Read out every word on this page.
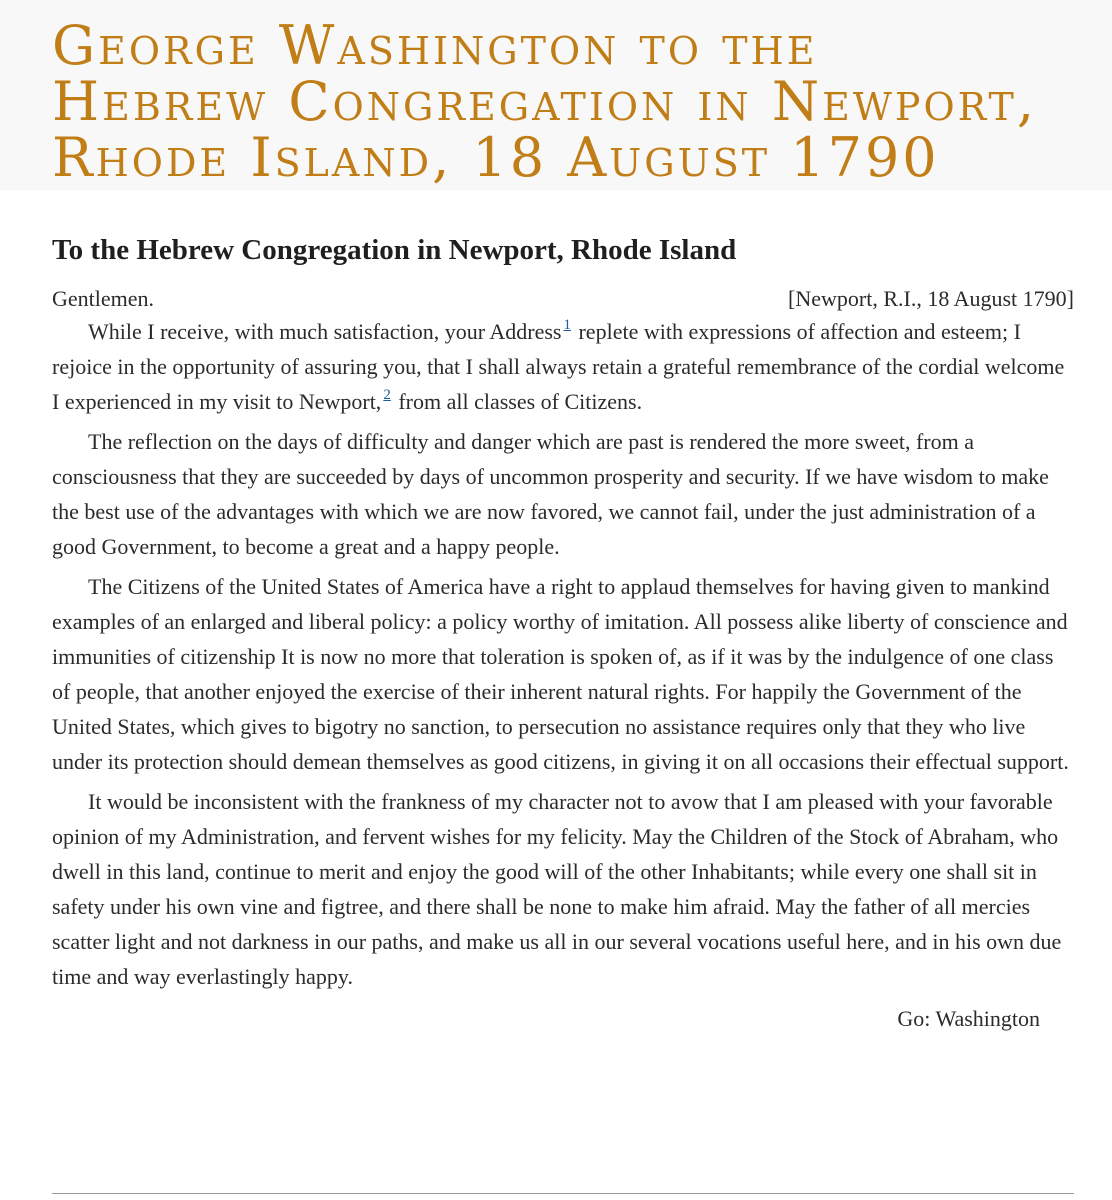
George Washington to the
Hebrew Congregation in Newport,
Rhode Island, 18 August 1790
To the Hebrew Congregation in Newport, Rhode Island
Gentlemen.	[Newport, R.I., 18 August 1790]

While I receive, with much satisfaction, your Address $^1$ replete with expressions of affection and esteem; I rejoice in the opportunity of assuring you, that I shall always retain a grateful remembrance of the cordial welcome I experienced in my visit to Newport, $^2$ from all classes of Citizens.

The reflection on the days of difficulty and danger which are past is rendered the more sweet, from a consciousness that they are succeeded by days of uncommon prosperity and security. If we have wisdom to make the best use of the advantages with which we are now favored, we cannot fail, under the just administration of a good Government, to become a great and a happy people.

The Citizens of the United States of America have a right to applaud themselves for having given to mankind examples of an enlarged and liberal policy: a policy worthy of imitation. All possess alike liberty of conscience and immunities of citizenship It is now no more that toleration is spoken of, as if it was by the indulgence of one class of people, that another enjoyed the exercise of their inherent natural rights. For happily the Government of the United States, which gives to bigotry no sanction, to persecution no assistance requires only that they who live under its protection should demean themselves as good citizens, in giving it on all occasions their effectual support.

It would be inconsistent with the frankness of my character not to avow that I am pleased with your favorable opinion of my Administration, and fervent wishes for my felicity. May the Children of the Stock of Abraham, who dwell in this land, continue to merit and enjoy the good will of the other Inhabitants; while every one shall sit in safety under his own vine and figtree, and there shall be none to make him afraid. May the father of all mercies scatter light and not darkness in our paths, and make us all in our several vocations useful here, and in his own due time and way everlastingly happy.

Go: Washington
